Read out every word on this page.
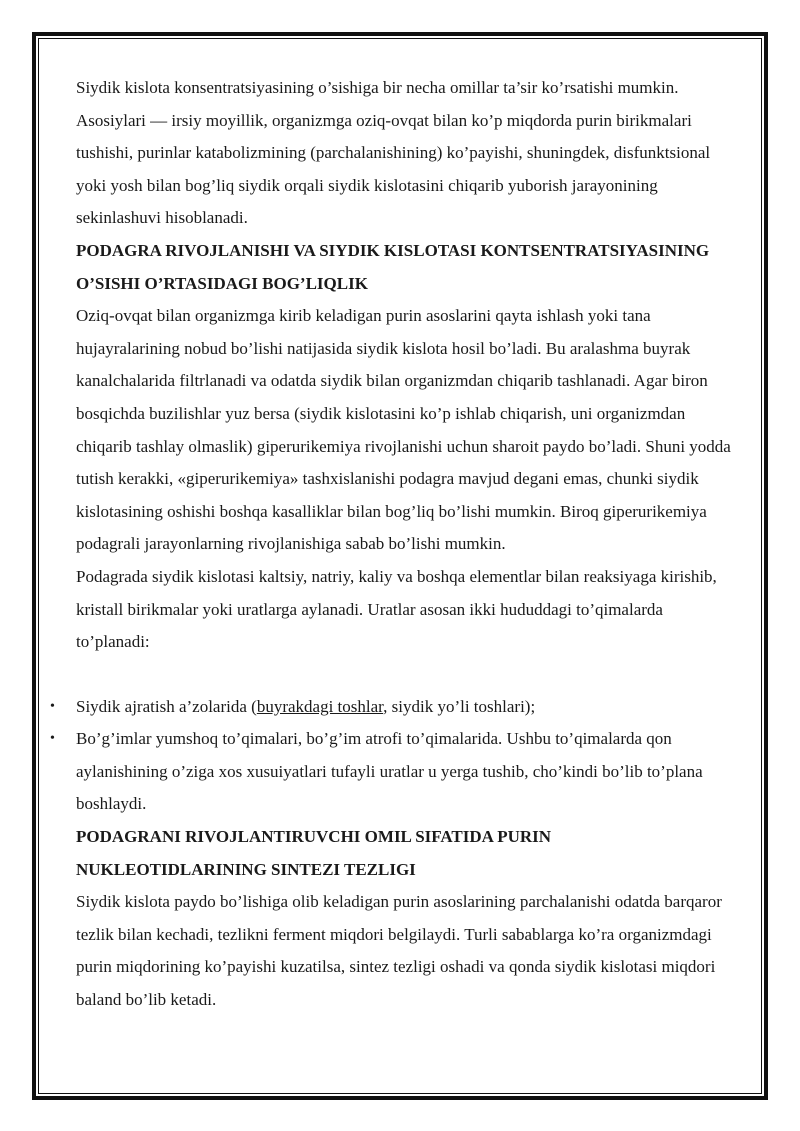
Siydik kislota konsentratsiyasining o’sishiga bir necha omillar ta’sir ko’rsatishi mumkin. Asosiylari — irsiy moyillik, organizmga oziq-ovqat bilan ko’p miqdorda purin birikmalari tushishi, purinlar katabolizmining (parchalanishining) ko’payishi, shuningdek, disfunktsional yoki yosh bilan bog’liq siydik orqali siydik kislotasini chiqarib yuborish jarayonining sekinlashuvi hisoblanadi.

PODAGRA RIVOJLANISHI VA SIYDIK KISLOTASI KONTSENTRATSIYASINING O’SISHI O’RTASIDAGI BOG’LIQLIK

Oziq-ovqat bilan organizmga kirib keladigan purin asoslarini qayta ishlash yoki tana hujayralarining nobud bo’lishi natijasida siydik kislota hosil bo’ladi. Bu aralashma buyrak kanalchalarida filtrlanadi va odatda siydik bilan organizmdan chiqarib tashlanadi. Agar biron bosqichda buzilishlar yuz bersa (siydik kislotasini ko’p ishlab chiqarish, uni organizmdan chiqarib tashlay olmaslik) giperurikemiya rivojlanishi uchun sharoit paydo bo’ladi. Shuni yodda tutish kerakki, «giperurikemiya» tashxislanishi podagra mavjud degani emas, chunki siydik kislotasining oshishi boshqa kasalliklar bilan bog’liq bo’lishi mumkin. Biroq giperurikemiya podagrali jarayonlarning rivojlanishiga sabab bo’lishi mumkin.

Podagrada siydik kislotasi kaltsiy, natriy, kaliy va boshqa elementlar bilan reaksiyaga kirishib, kristall birikmalar yoki uratlarga aylanadi. Uratlar asosan ikki hududdagi to’qimalarda to’planadi:

• Siydik ajratish a’zolarida (buyrakdagi toshlar, siydik yo’li toshlari);
• Bo’g’imlar yumshoq to’qimalari, bo’g’im atrofi to’qimalarida. Ushbu to’qimalarda qon aylanishining o’ziga xos xusuiyatlari tufayli uratlar u yerga tushib, cho’kindi bo’lib to’plana boshlaydi.
PODAGRANI RIVOJLANTIRUVCHI OMIL SIFATIDA PURIN NUKLEOTIDLARINING SINTEZI TEZLIGI

Siydik kislota paydo bo’lishiga olib keladigan purin asoslarining parchalanishi odatda barqaror tezlik bilan kechadi, tezlikni ferment miqdori belgilaydi. Turli sabablarga ko’ra organizmdagi purin miqdorining ko’payishi kuzatilsa, sintez tezligi oshadi va qonda siydik kislotasi miqdori baland bo’lib ketadi.
